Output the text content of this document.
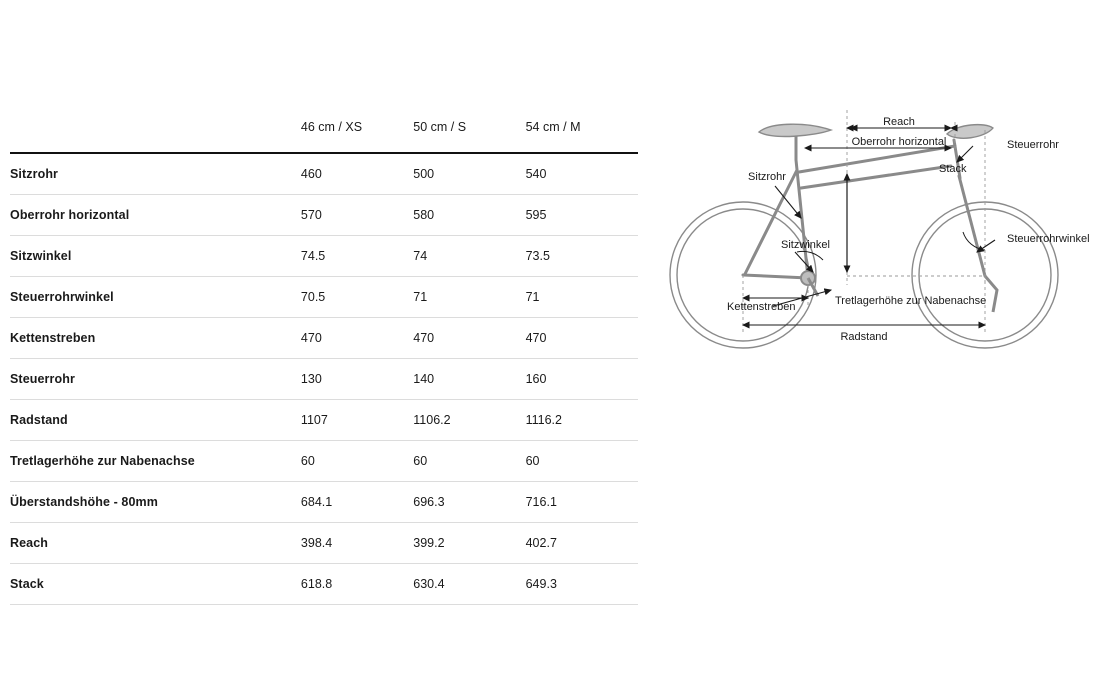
	46 cm / XS	50 cm / S	54 cm / M
Sitzrohr	460	500	540
Oberrohr horizontal	570	580	595
Sitzwinkel	74.5	74	73.5
Steuerrohrwinkel	70.5	71	71
Kettenstreben	470	470	470
Steuerrohr	130	140	160
Radstand	1107	1106.2	1116.2
Tretlagerhöhe zur Nabenachse	60	60	60
Überstandshöhe - 80mm	684.1	696.3	716.1
Reach	398.4	399.2	402.7
Stack	618.8	630.4	649.3
Reach
Oberrohr horizontal	Steuerrohr
Sitzrohr
Stack
Sitzwinkel	Steuerrohrwinkel
Kettenstreben	Tretlagerhöhe zur Nabenachse
Radstand
